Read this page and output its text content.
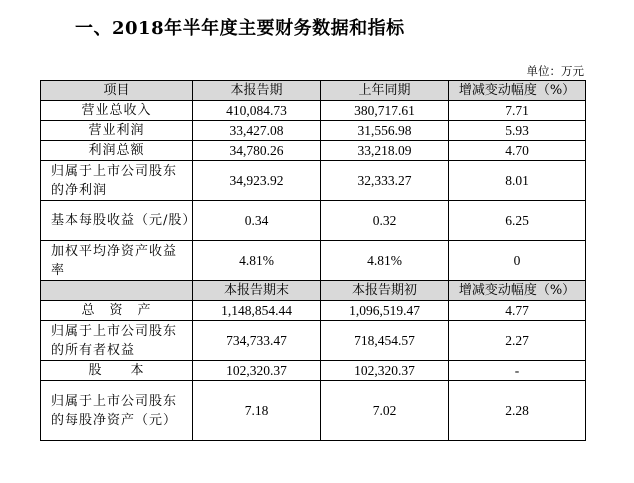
一、2018年半年度主要财务数据和指标
单位：万元
项目	本报告期	上年同期	增减变动幅度（%）
营业总收入	410,084.73	380,717.61	7.71
营业利润	33,427.08	31,556.98	5.93
利润总额	34,780.26	33,218.09	4.70
归属于上市公司股东的净利润	34,923.92	32,333.27	8.01
基本每股收益（元/股）	0.34	0.32	6.25
加权平均净资产收益率	4.81%	4.81%	0
	本报告期末	本报告期初	增减变动幅度（%）
总　资　产	1,148,854.44	1,096,519.47	4.77
归属于上市公司股东的所有者权益	734,733.47	718,454.57	2.27
股　　本	102,320.37	102,320.37	-
归属于上市公司股东的每股净资产（元）	7.18	7.02	2.28
